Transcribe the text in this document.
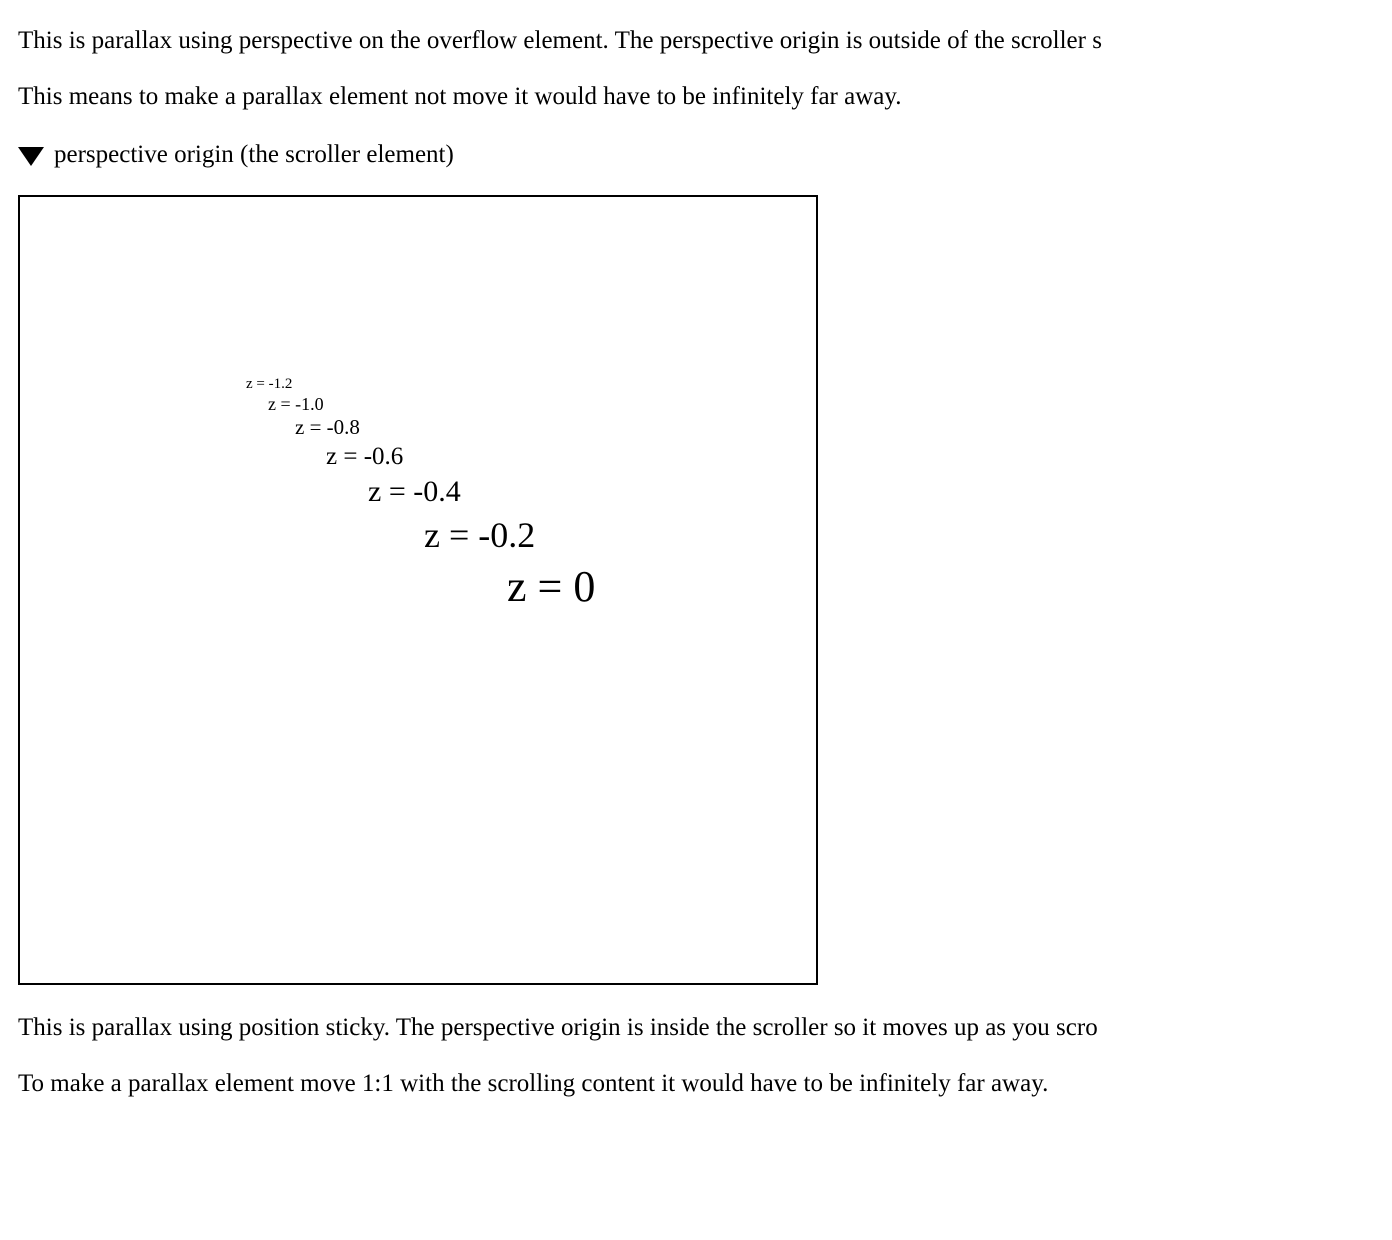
This is parallax using perspective on the overflow element. The perspective origin is outside of the scroller s

This means to make a parallax element not move it would have to be infinitely far away.

perspective origin (the scroller element)
z = -1.2
z = -1.0
z = -0.8
z = -0.6
z = -0.4
z = -0.2
z = 0

This is parallax using position sticky. The perspective origin is inside the scroller so it moves up as you scro

To make a parallax element move 1:1 with the scrolling content it would have to be infinitely far away.
